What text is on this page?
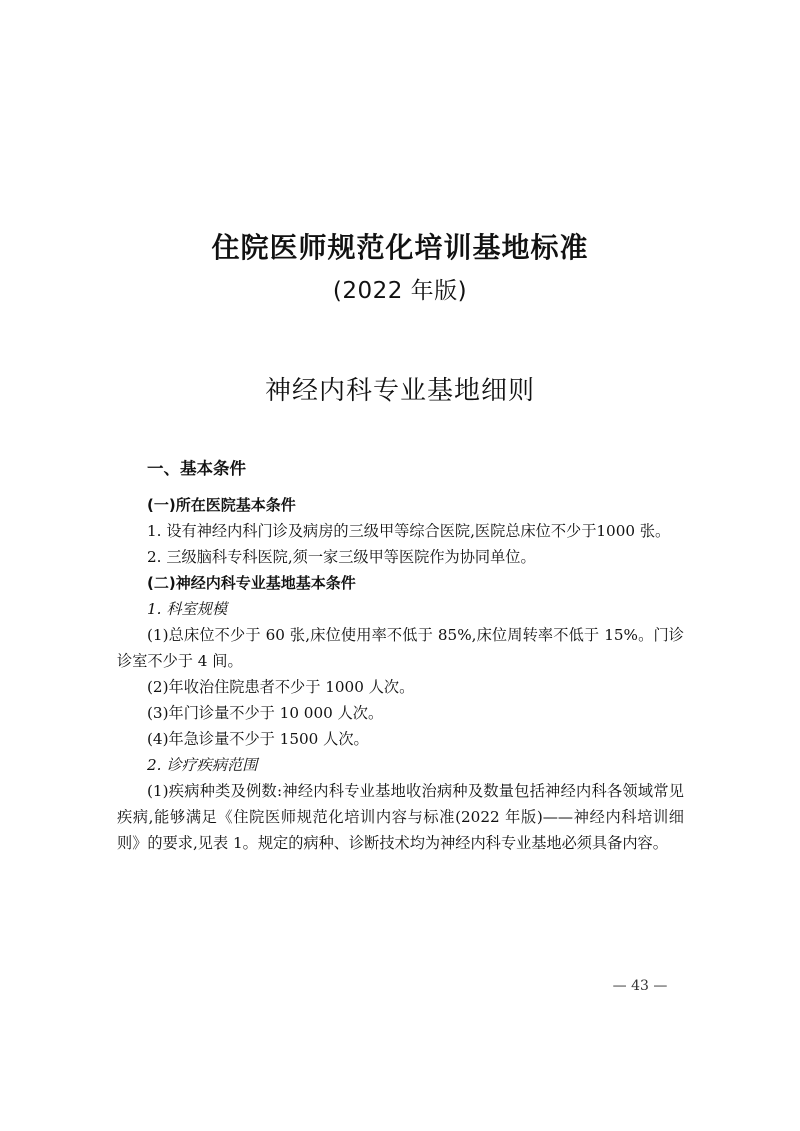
住院医师规范化培训基地标准
(2022 年版)
神经内科专业基地细则

一、基本条件

(一)所在医院基本条件

1. 设有神经内科门诊及病房的三级甲等综合医院,医院总床位不少于1000 张。

2. 三级脑科专科医院,须一家三级甲等医院作为协同单位。

(二)神经内科专业基地基本条件

1. 科室规模

(1)总床位不少于 60 张,床位使用率不低于 85%,床位周转率不低于 15%。门诊诊室不少于 4 间。

(2)年收治住院患者不少于 1000 人次。

(3)年门诊量不少于 10 000 人次。

(4)年急诊量不少于 1500 人次。

2. 诊疗疾病范围

(1)疾病种类及例数:神经内科专业基地收治病种及数量包括神经内科各领域常见疾病,能够满足《住院医师规范化培训内容与标准(2022 年版)——神经内科培训细则》的要求,见表 1。规定的病种、诊断技术均为神经内科专业基地必须具备内容。

— 43 —
